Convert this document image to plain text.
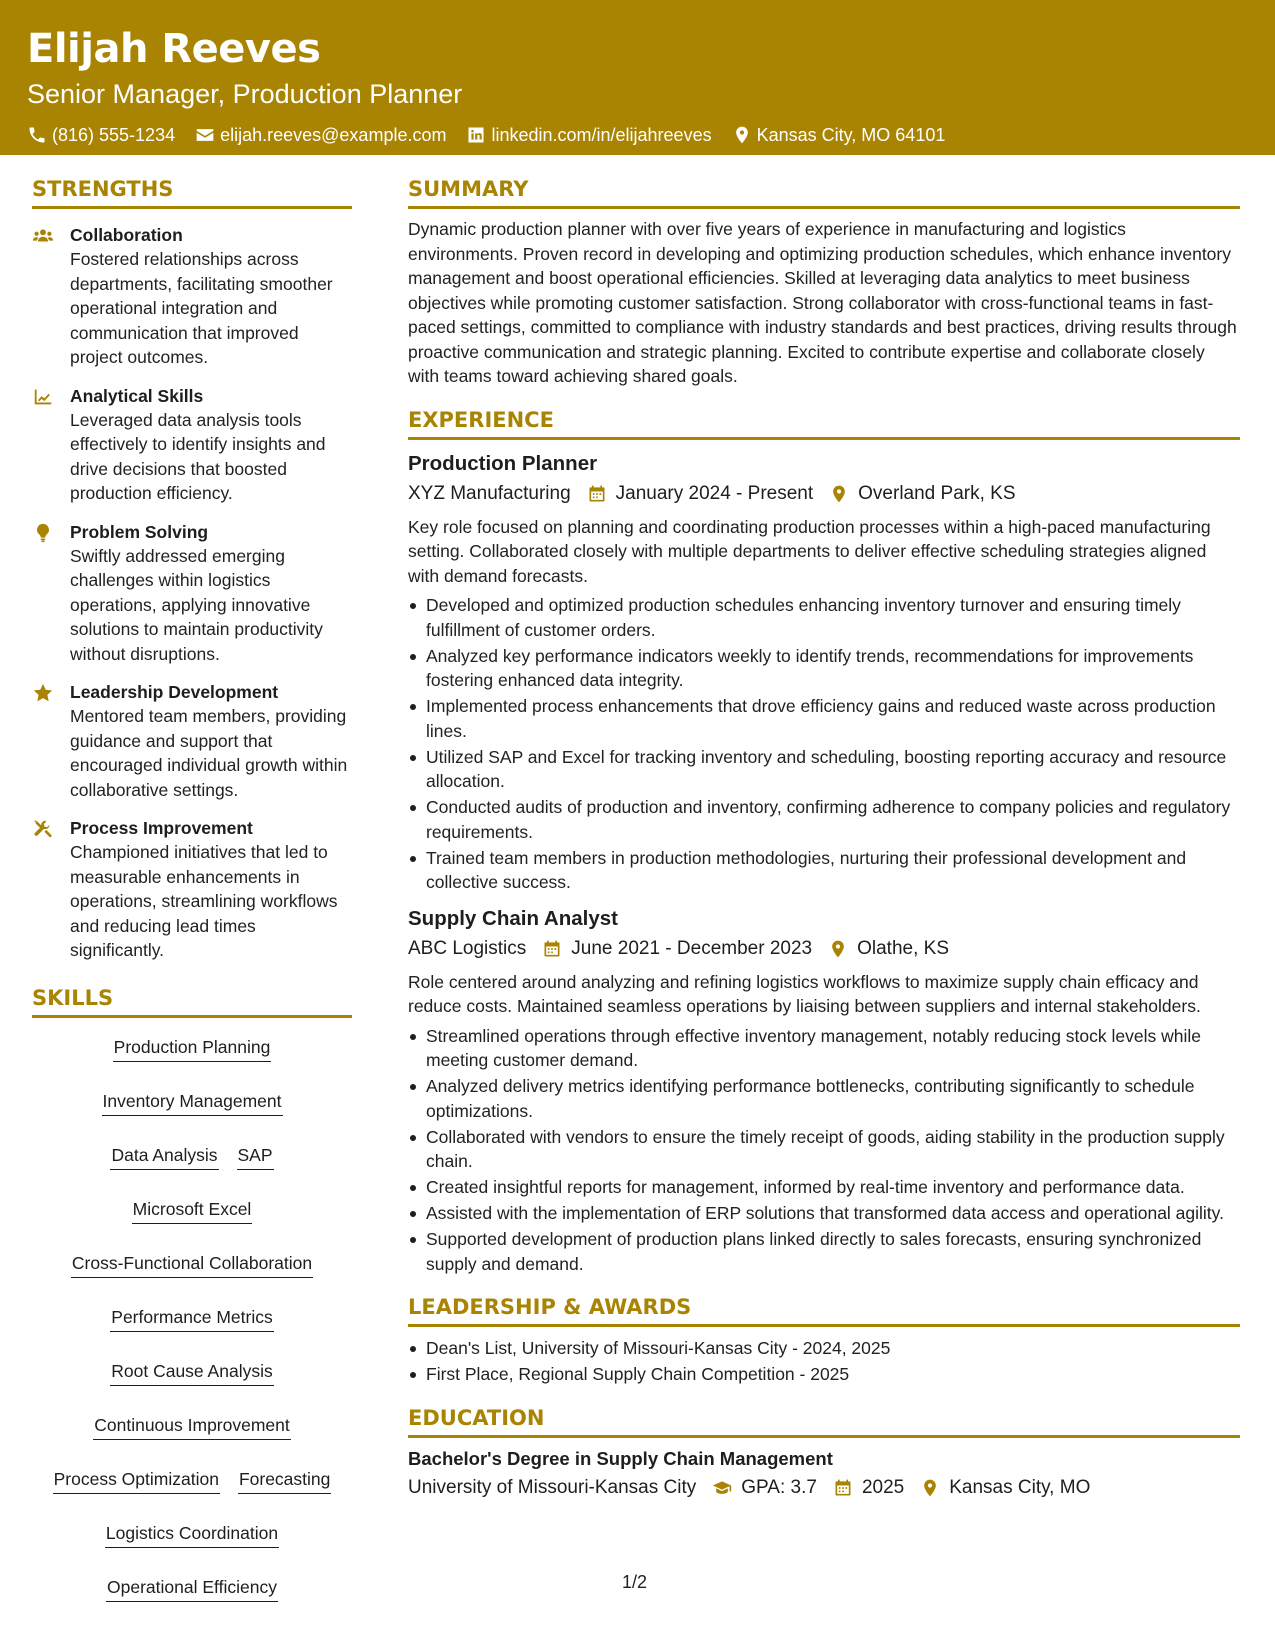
Elijah Reeves
Senior Manager, Production Planner
(816) 555-1234	elijah.reeves@example.com	linkedin.com/in/elijahreeves	Kansas City, MO 64101
STRENGTHS
Collaboration
Fostered relationships across departments, facilitating smoother operational integration and communication that improved project outcomes.
Analytical Skills
Leveraged data analysis tools effectively to identify insights and drive decisions that boosted production efficiency.
Problem Solving
Swiftly addressed emerging challenges within logistics operations, applying innovative solutions to maintain productivity without disruptions.
Leadership Development
Mentored team members, providing guidance and support that encouraged individual growth within collaborative settings.
Process Improvement
Championed initiatives that led to measurable enhancements in operations, streamlining workflows and reducing lead times significantly.
SKILLS
Production Planning
Inventory Management
Data Analysis SAP
Microsoft Excel
Cross-Functional Collaboration
Performance Metrics
Root Cause Analysis
Continuous Improvement
Process Optimization Forecasting
Logistics Coordination
Operational Efficiency
SUMMARY
Dynamic production planner with over five years of experience in manufacturing and logistics environments. Proven record in developing and optimizing production schedules, which enhance inventory management and boost operational efficiencies. Skilled at leveraging data analytics to meet business objectives while promoting customer satisfaction. Strong collaborator with cross-functional teams in fast-paced settings, committed to compliance with industry standards and best practices, driving results through proactive communication and strategic planning. Excited to contribute expertise and collaborate closely with teams toward achieving shared goals.
EXPERIENCE
Production Planner
XYZ Manufacturing January 2024 - Present Overland Park, KS
Key role focused on planning and coordinating production processes within a high-paced manufacturing setting. Collaborated closely with multiple departments to deliver effective scheduling strategies aligned with demand forecasts.
Developed and optimized production schedules enhancing inventory turnover and ensuring timely fulfillment of customer orders.
Analyzed key performance indicators weekly to identify trends, recommendations for improvements fostering enhanced data integrity.
Implemented process enhancements that drove efficiency gains and reduced waste across production lines.
Utilized SAP and Excel for tracking inventory and scheduling, boosting reporting accuracy and resource allocation.
Conducted audits of production and inventory, confirming adherence to company policies and regulatory requirements.
Trained team members in production methodologies, nurturing their professional development and collective success.
Supply Chain Analyst
ABC Logistics June 2021 - December 2023 Olathe, KS
Role centered around analyzing and refining logistics workflows to maximize supply chain efficacy and reduce costs. Maintained seamless operations by liaising between suppliers and internal stakeholders.
Streamlined operations through effective inventory management, notably reducing stock levels while meeting customer demand.
Analyzed delivery metrics identifying performance bottlenecks, contributing significantly to schedule optimizations.
Collaborated with vendors to ensure the timely receipt of goods, aiding stability in the production supply chain.
Created insightful reports for management, informed by real-time inventory and performance data.
Assisted with the implementation of ERP solutions that transformed data access and operational agility.
Supported development of production plans linked directly to sales forecasts, ensuring synchronized supply and demand.
LEADERSHIP & AWARDS
Dean's List, University of Missouri-Kansas City - 2024, 2025
First Place, Regional Supply Chain Competition - 2025
EDUCATION
Bachelor's Degree in Supply Chain Management
University of Missouri-Kansas City GPA: 3.7 2025 Kansas City, MO
1/2
